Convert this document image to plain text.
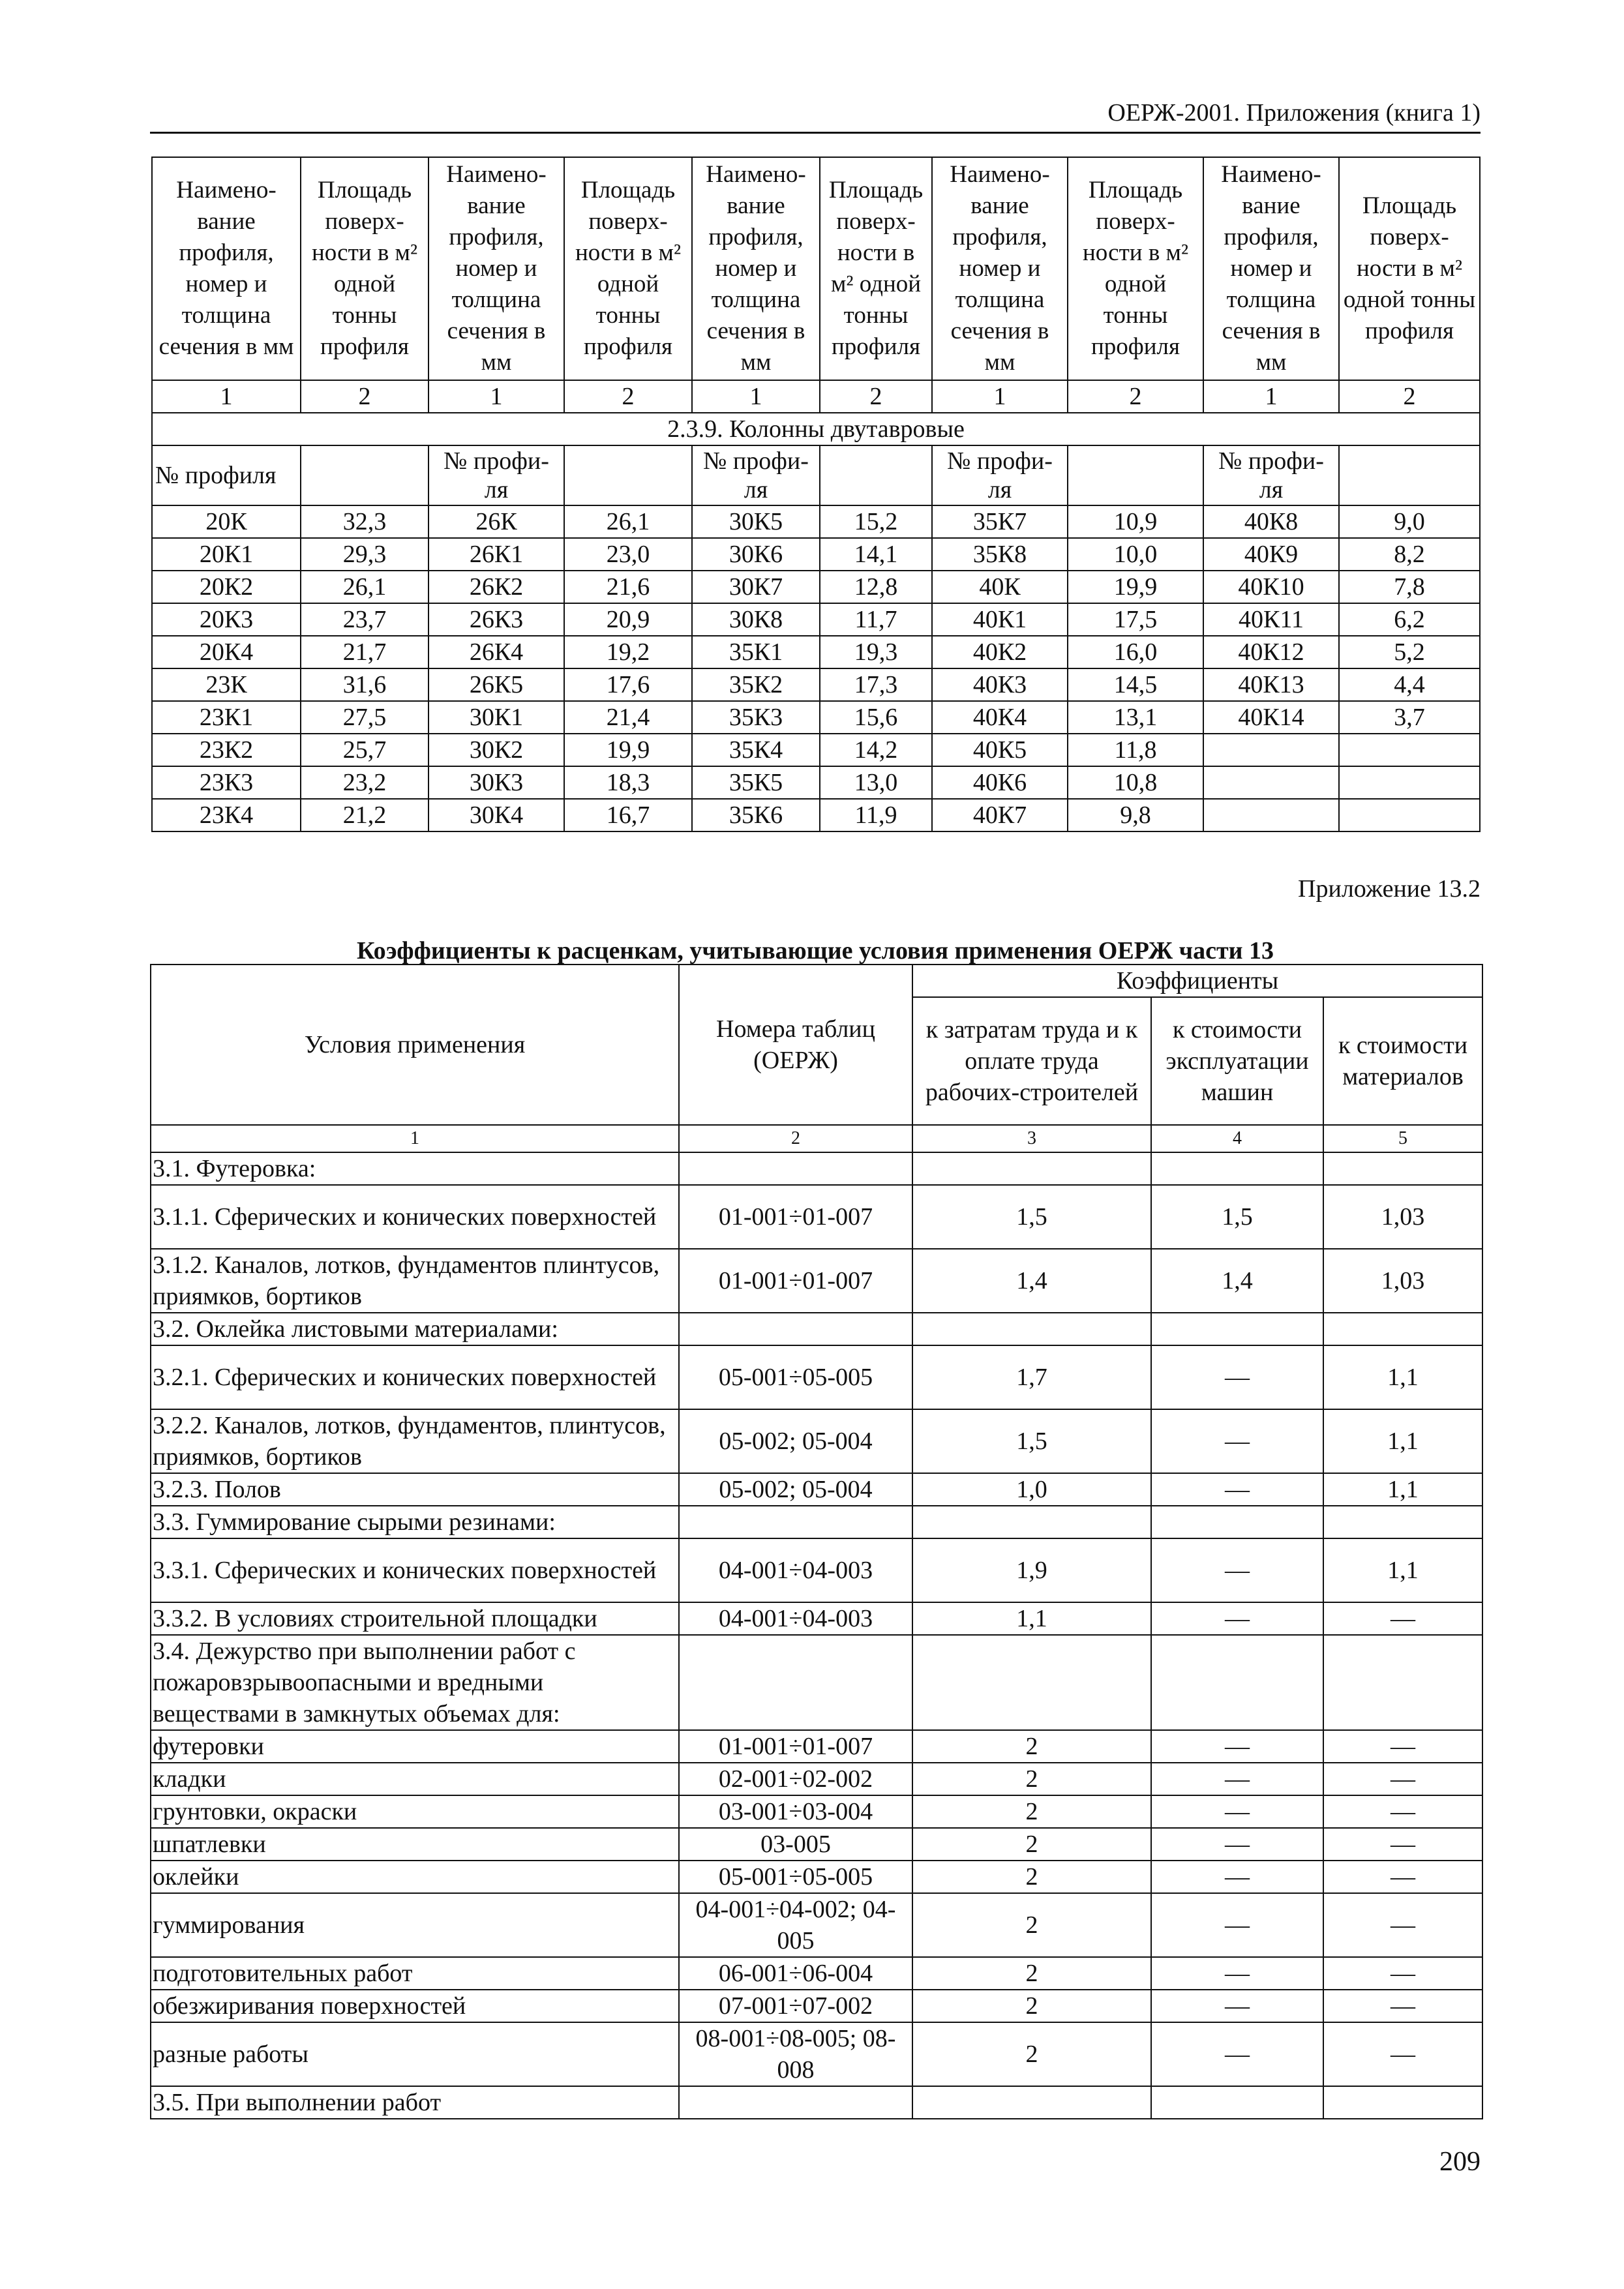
ОЕРЖ-2001. Приложения (книга 1)
Наимено-вание профиля, номер и толщина сечения в мм	Площадь поверх-ности в м² одной тонны профиля	Наимено-вание профиля, номер и толщина сечения в мм	Площадь поверх-ности в м² одной тонны профиля	Наимено-вание профиля, номер и толщина сечения в мм	Площадь поверх-ности в м² одной тонны профиля	Наимено-вание профиля, номер и толщина сечения в мм	Площадь поверх-ности в м² одной тонны профиля	Наимено-вание профиля, номер и толщина сечения в мм	Площадь поверх-ности в м² одной тонны профиля
1	2	1	2	1	2	1	2	1	2
2.3.9. Колонны двутавровые									
№ профиля		№ профи-ля		№ профи-ля		№ профи-ля		№ профи-ля	
20К	32,3	26К	26,1	30К5	15,2	35К7	10,9	40К8	9,0
20К1	29,3	26К1	23,0	30К6	14,1	35К8	10,0	40К9	8,2
20К2	26,1	26К2	21,6	30К7	12,8	40К	19,9	40К10	7,8
20К3	23,7	26К3	20,9	30К8	11,7	40К1	17,5	40К11	6,2
20К4	21,7	26К4	19,2	35К1	19,3	40К2	16,0	40К12	5,2
23К	31,6	26К5	17,6	35К2	17,3	40К3	14,5	40К13	4,4
23К1	27,5	30К1	21,4	35К3	15,6	40К4	13,1	40К14	3,7
23К2	25,7	30К2	19,9	35К4	14,2	40К5	11,8		
23К3	23,2	30К3	18,3	35К5	13,0	40К6	10,8		
23К4	21,2	30К4	16,7	35К6	11,9	40К7	9,8		
Приложение 13.2
Коэффициенты к расценкам, учитывающие условия применения ОЕРЖ части 13
Условия применения	Номера таблиц (ОЕРЖ)	Коэффициенты		
		к затратам труда и к оплате труда рабочих-строителей	к стоимости эксплуатации машин	к стоимости материалов
1	2	3	4	5
3.1. Футеровка:				
3.1.1. Сферических и конических поверхностей	01-001÷01-007	1,5	1,5	1,03
3.1.2. Каналов, лотков, фундаментов плинтусов, приямков, бортиков	01-001÷01-007	1,4	1,4	1,03
3.2. Оклейка листовыми материалами:				
3.2.1. Сферических и конических поверхностей	05-001÷05-005	1,7	—	1,1
3.2.2. Каналов, лотков, фундаментов, плинтусов, приямков, бортиков	05-002; 05-004	1,5	—	1,1
3.2.3. Полов	05-002; 05-004	1,0	—	1,1
3.3. Гуммирование сырыми резинами:				
3.3.1. Сферических и конических поверхностей	04-001÷04-003	1,9	—	1,1
3.3.2. В условиях строительной площадки	04-001÷04-003	1,1	—	—
3.4. Дежурство при выполнении работ с пожаровзрывоопасными и вредными веществами в замкнутых объемах для:				
футеровки	01-001÷01-007	2	—	—
кладки	02-001÷02-002	2	—	—
грунтовки, окраски	03-001÷03-004	2	—	—
шпатлевки	03-005	2	—	—
оклейки	05-001÷05-005	2	—	—
гуммирования	04-001÷04-002; 04-005	2	—	—
подготовительных работ	06-001÷06-004	2	—	—
обезжиривания поверхностей	07-001÷07-002	2	—	—
разные работы	08-001÷08-005; 08-008	2	—	—
3.5. При выполнении работ				
209
